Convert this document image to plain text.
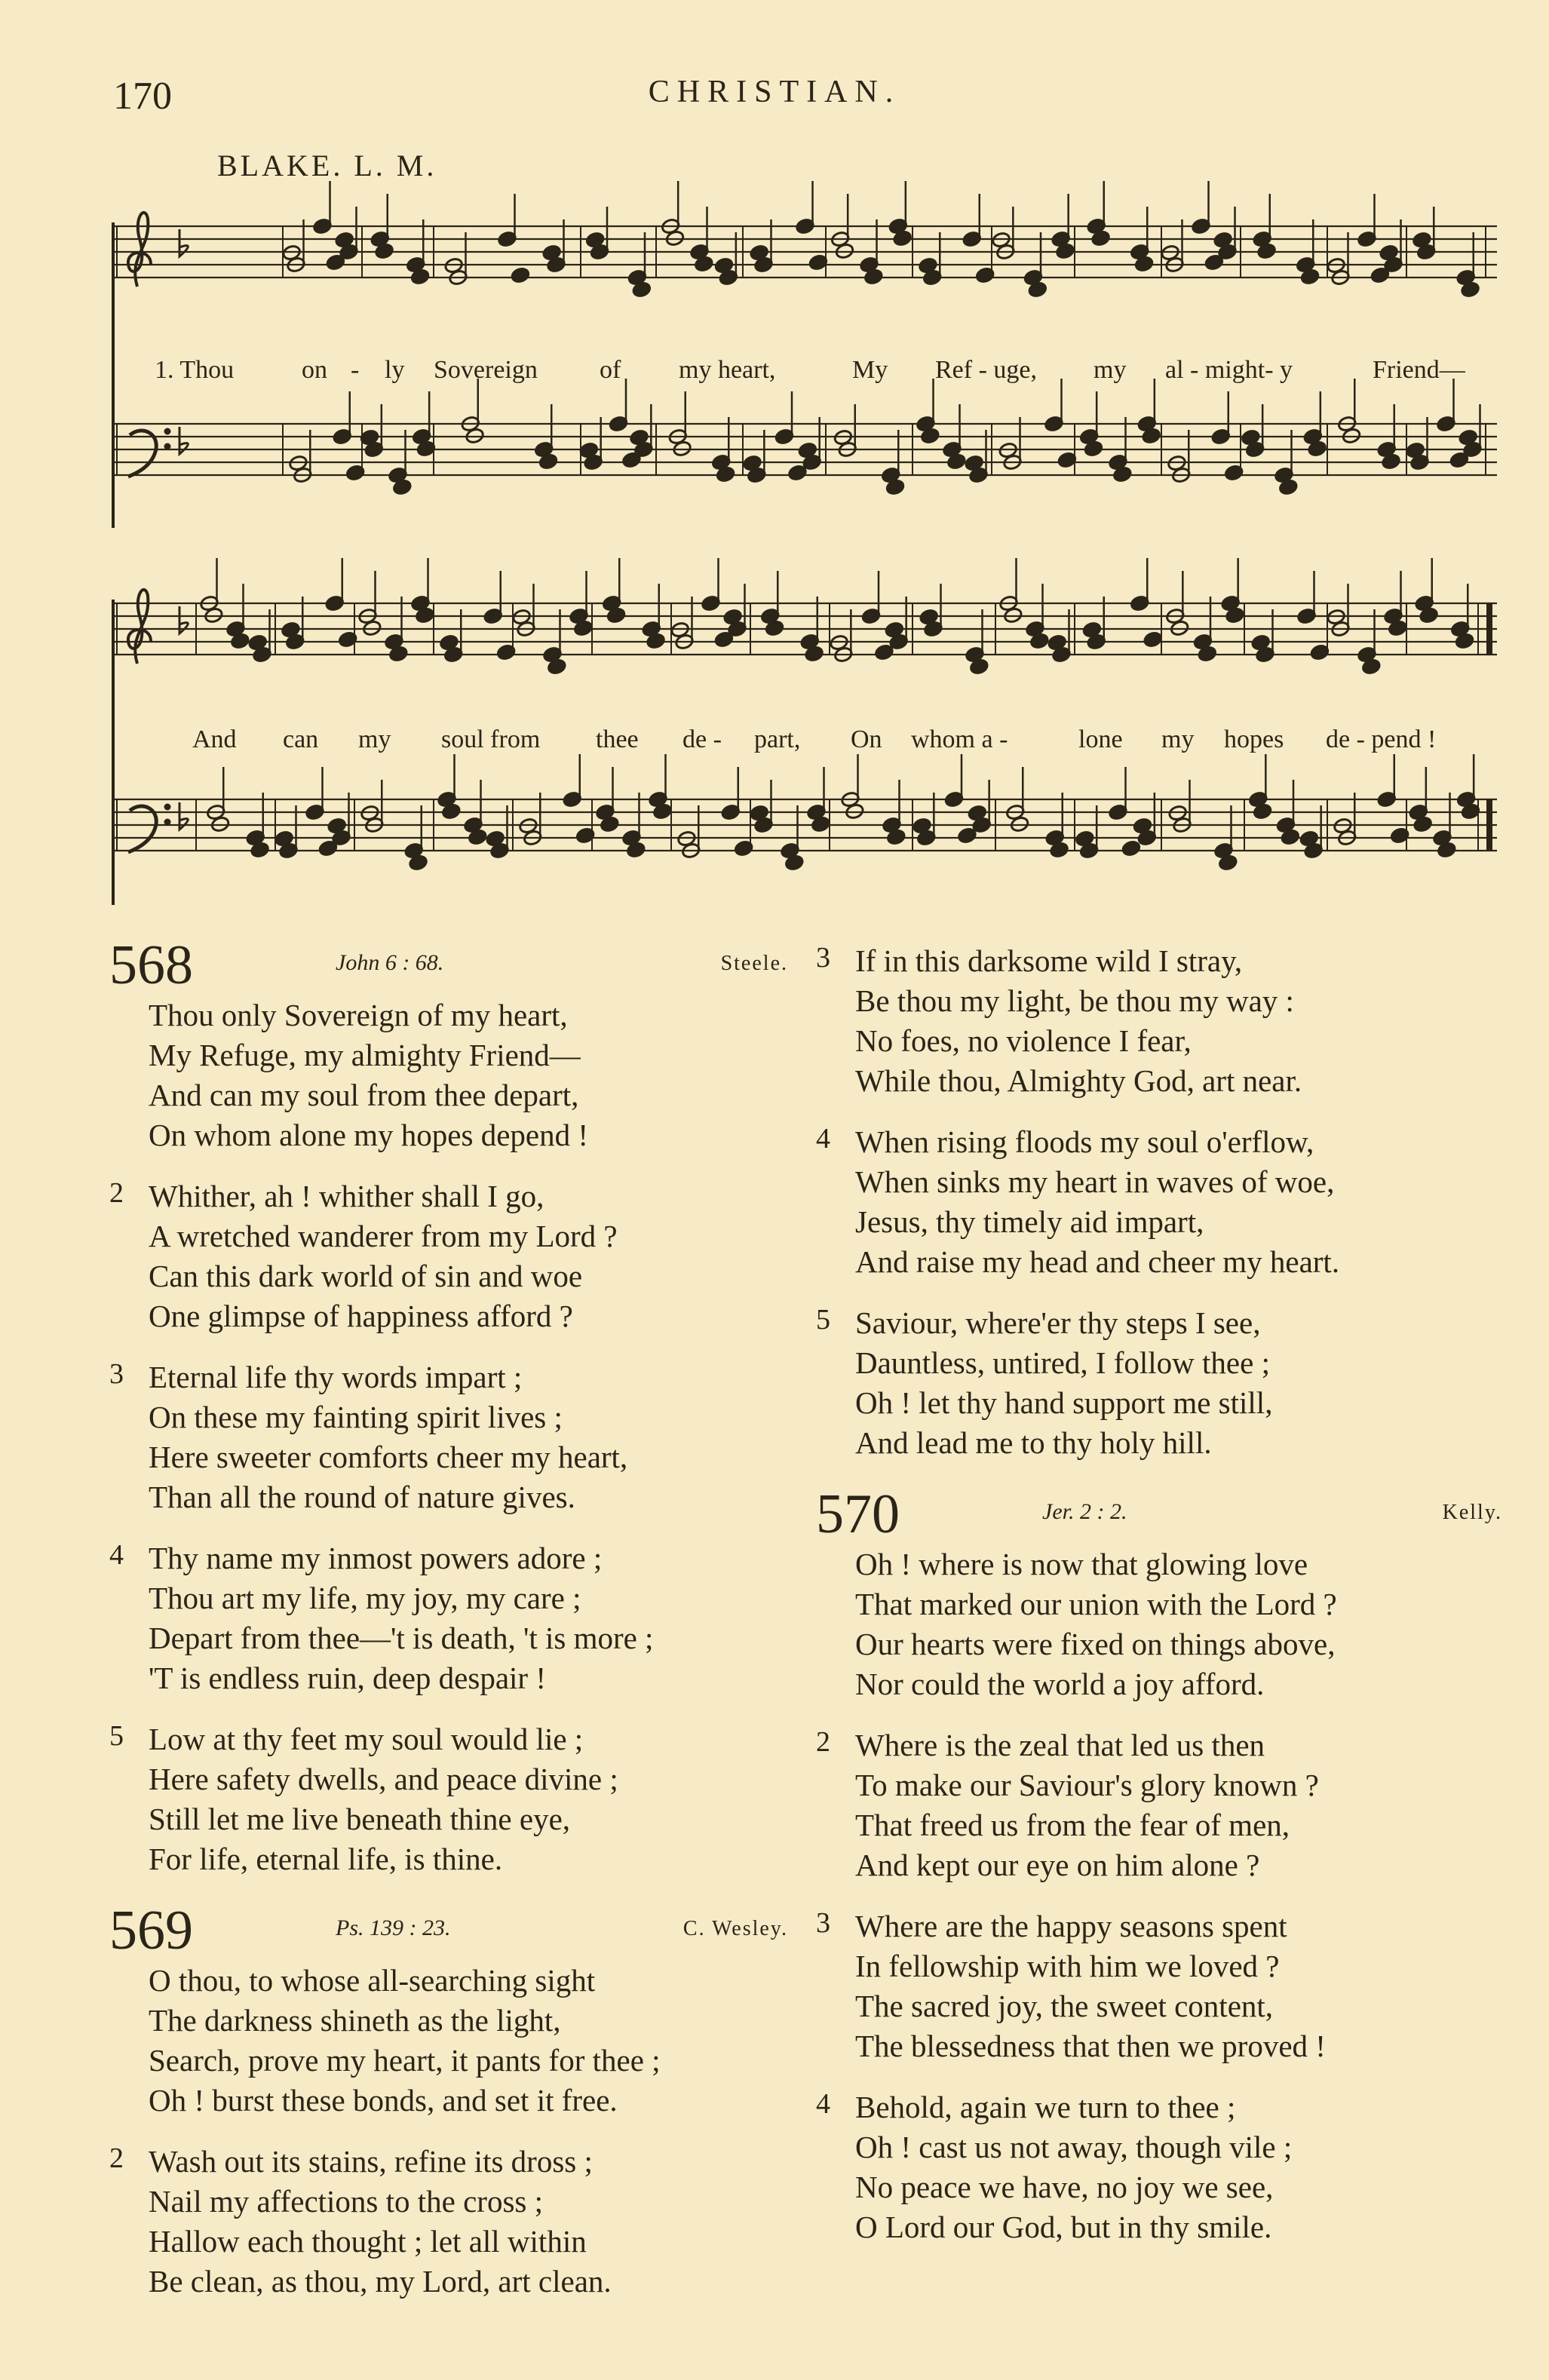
170	CHRISTIAN.
BLAKE. L. M.
1. Thou	on - ly Sovereign of my heart,	My Ref - uge, my al - might- y	Friend—
And can my soul from thee de - part, On whom a -	lone my hopes de - pend !
568	John 6 : 68.	Steele.
Thou only Sovereign of my heart,
My Refuge, my almighty Friend—
And can my soul from thee depart,
On whom alone my hopes depend !
2 Whither, ah ! whither shall I go,
A wretched wanderer from my Lord ?
Can this dark world of sin and woe
One glimpse of happiness afford ?
3 Eternal life thy words impart ;
On these my fainting spirit lives ;
Here sweeter comforts cheer my heart,
Than all the round of nature gives.
4 Thy name my inmost powers adore ;
Thou art my life, my joy, my care ;
Depart from thee—'t is death, 't is more ;
'T is endless ruin, deep despair !
5 Low at thy feet my soul would lie ;
Here safety dwells, and peace divine ;
Still let me live beneath thine eye,
For life, eternal life, is thine.
569	Ps. 139 : 23.	C. Wesley.
O thou, to whose all-searching sight
The darkness shineth as the light,
Search, prove my heart, it pants for thee ;
Oh ! burst these bonds, and set it free.
2 Wash out its stains, refine its dross ;
Nail my affections to the cross ;
Hallow each thought ; let all within
Be clean, as thou, my Lord, art clean.
3 If in this darksome wild I stray,
Be thou my light, be thou my way :
No foes, no violence I fear,
While thou, Almighty God, art near.
4 When rising floods my soul o'erflow,
When sinks my heart in waves of woe,
Jesus, thy timely aid impart,
And raise my head and cheer my heart.
5 Saviour, where'er thy steps I see,
Dauntless, untired, I follow thee ;
Oh ! let thy hand support me still,
And lead me to thy holy hill.
570	Jer. 2 : 2.	Kelly.
Oh ! where is now that glowing love
That marked our union with the Lord ?
Our hearts were fixed on things above,
Nor could the world a joy afford.
2 Where is the zeal that led us then
To make our Saviour's glory known ?
That freed us from the fear of men,
And kept our eye on him alone ?
3 Where are the happy seasons spent
In fellowship with him we loved ?
The sacred joy, the sweet content,
The blessedness that then we proved !
4 Behold, again we turn to thee ;
Oh ! cast us not away, though vile ;
No peace we have, no joy we see,
O Lord our God, but in thy smile.
